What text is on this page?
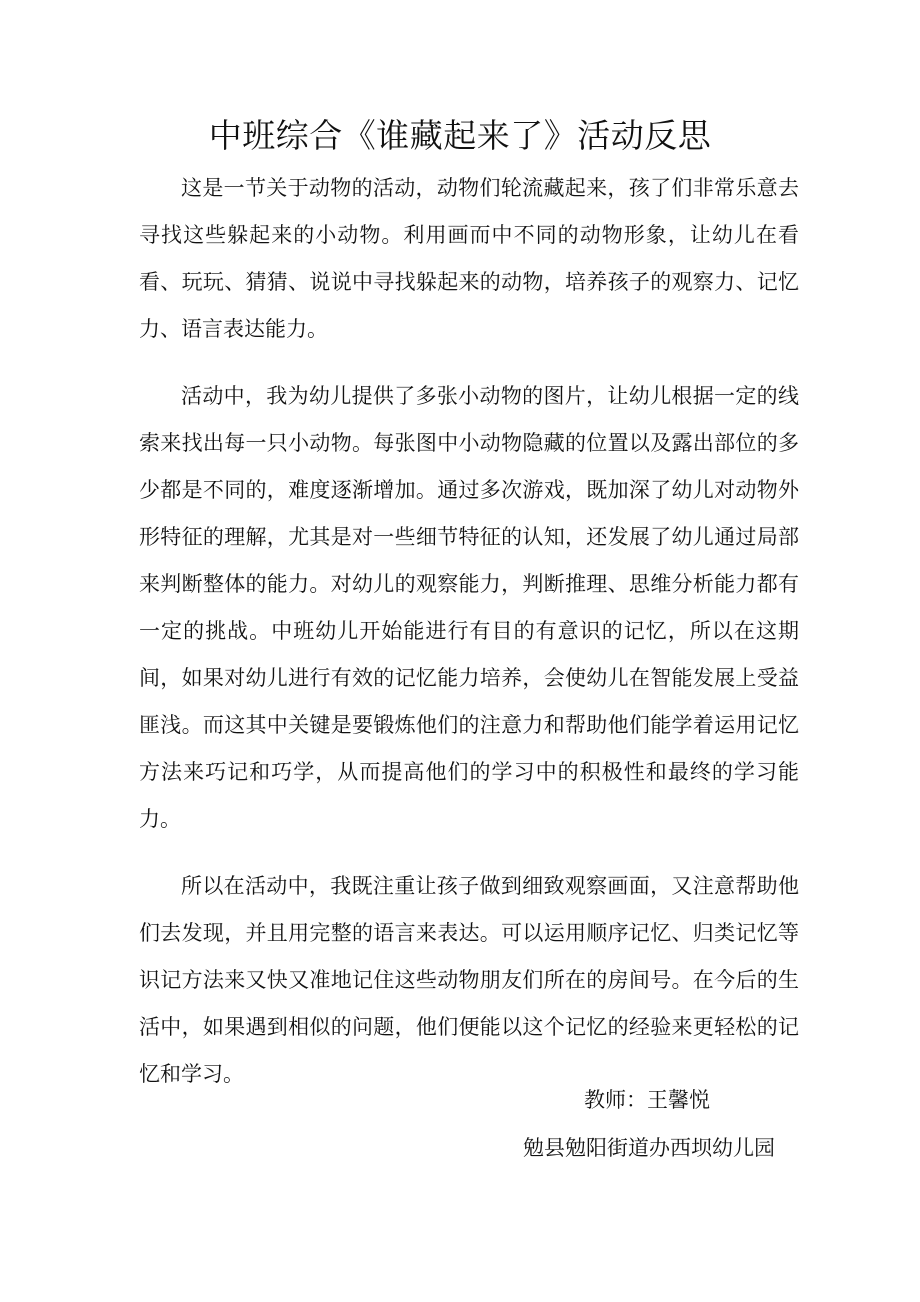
中班综合《谁藏起来了》活动反思

这是一节关于动物的活动，动物们轮流藏起来，孩了们非常乐意去寻找这些躲起来的小动物。利用画而中不同的动物形象，让幼儿在看看、玩玩、猜猜、说说中寻找躲起来的动物，培养孩子的观察力、记忆力、语言表达能力。

活动中，我为幼儿提供了多张小动物的图片，让幼儿根据一定的线索来找出每一只小动物。每张图中小动物隐藏的位置以及露出部位的多少都是不同的，难度逐渐增加。通过多次游戏，既加深了幼儿对动物外形特征的理解，尤其是对一些细节特征的认知，还发展了幼儿通过局部来判断整体的能力。对幼儿的观察能力，判断推理、思维分析能力都有一定的挑战。中班幼儿开始能进行有目的有意识的记忆，所以在这期间，如果对幼儿进行有效的记忆能力培养，会使幼儿在智能发展上受益匪浅。而这其中关键是要锻炼他们的注意力和帮助他们能学着运用记忆方法来巧记和巧学，从而提高他们的学习中的积极性和最终的学习能力。

所以在活动中，我既注重让孩子做到细致观察画面，又注意帮助他们去发现，并且用完整的语言来表达。可以运用顺序记忆、归类记忆等识记方法来又快又准地记住这些动物朋友们所在的房间号。在今后的生活中，如果遇到相似的问题，他们便能以这个记忆的经验来更轻松的记忆和学习。

教师：王馨悦
勉县勉阳街道办西坝幼儿园
